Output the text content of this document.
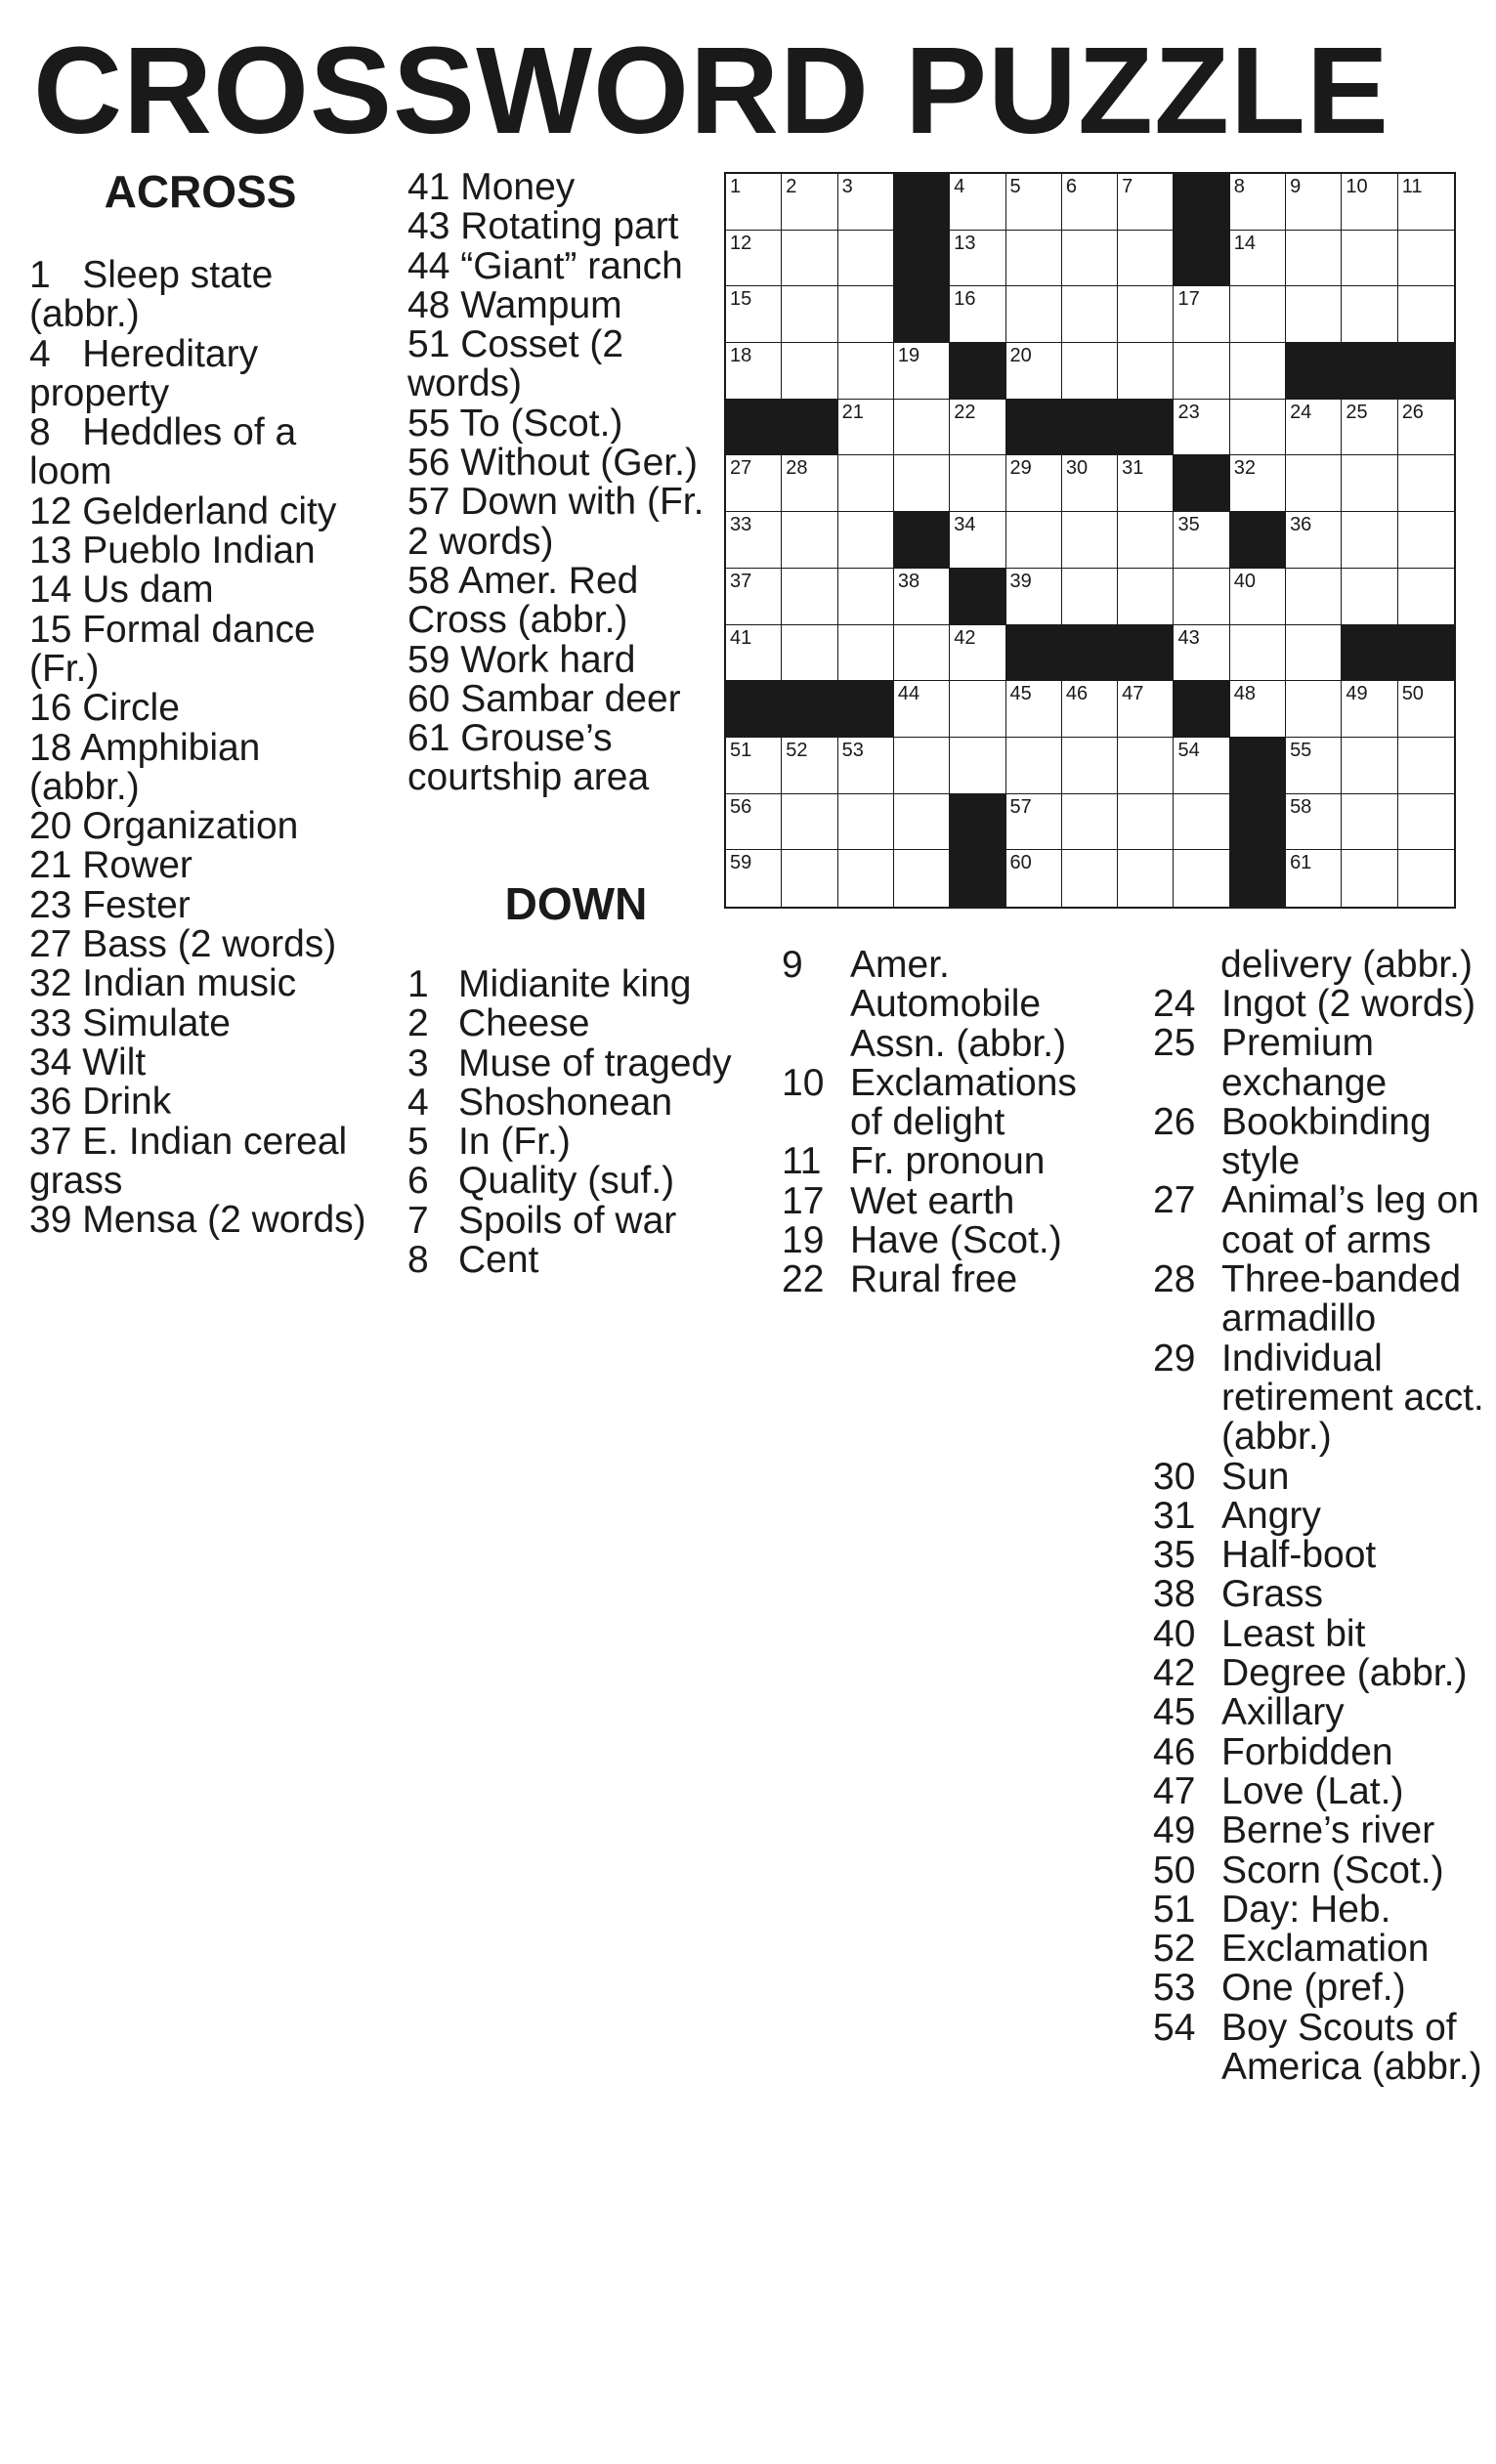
CROSSWORD PUZZLE
ACROSS
1   Sleep state (abbr.)
4   Hereditary property
8   Heddles of a loom
12 Gelderland city
13 Pueblo Indian
14 Us dam
15 Formal dance (Fr.)
16 Circle
18 Amphibian (abbr.)
20 Organization
21 Rower
23 Fester
27 Bass (2 words)
32 Indian music
33 Simulate
34 Wilt
36 Drink
37 E. Indian cereal grass
39 Mensa (2 words)
41 Money
43 Rotating part
44 “Giant” ranch
48 Wampum
51 Cosset (2 words)
55 To (Scot.)
56 Without (Ger.)
57 Down with (Fr. 2 words)
58 Amer. Red Cross (abbr.)
59 Work hard
60 Sambar deer
61 Grouse’s courtship area
DOWN
1 Midianite king
2 Cheese
3 Muse of tragedy
4 Shoshonean
5 In (Fr.)
6 Quality (suf.)
7 Spoils of war
8 Cent
9	Amer. Automobile Assn. (abbr.)
10 Exclamations of delight
11 Fr. pronoun
17 Wet earth
19 Have (Scot.)
22 Rural free
delivery (abbr.)
24 Ingot (2 words)
25 Premium exchange
26 Bookbinding style
27 Animal’s leg on coat of arms
28 Three-banded armadillo
29 Individual retirement acct. (abbr.)
30 Sun
31 Angry
35 Half-boot
38 Grass
40 Least bit
42 Degree (abbr.)
45 Axillary
46 Forbidden
47 Love (Lat.)
49 Berne’s river
50 Scorn (Scot.)
51 Day: Heb.
52 Exclamation
53 One (pref.)
54 Boy Scouts of America (abbr.)
1 2 3	4 5 6 7	8 9 10 11
12	13	14
15	16	17
18	19	20
21	22	23	24 25 26
27 28	29 30 31	32
33	34	35	36
37	38	39	40
41	42	43
44	45 46 47	48	49 50
51 52 53	54	55
56	57	58
59	60	61
